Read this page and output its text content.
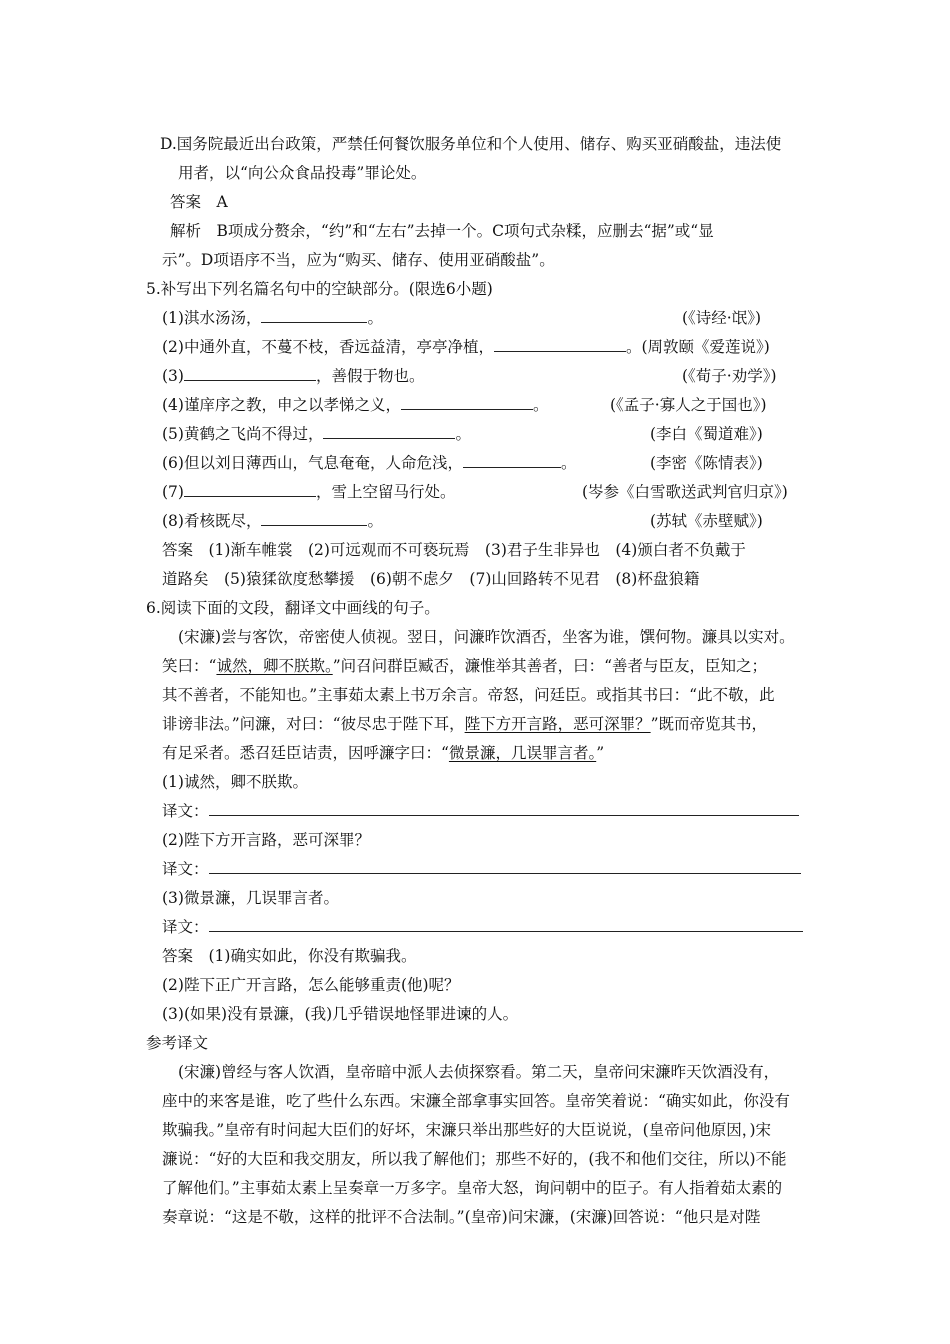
D.国务院最近出台政策，严禁任何餐饮服务单位和个人使用、储存、购买亚硝酸盐，违法使
用者，以“向公众食品投毒”罪论处。
答案　A
解析　B项成分赘余，“约”和“左右”去掉一个。C项句式杂糅，应删去“据”或“显
示”。D项语序不当，应为“购买、储存、使用亚硝酸盐”。
5.补写出下列名篇名句中的空缺部分。(限选6小题)
(1)淇水汤汤，	。	(《诗经·氓》)
(2)中通外直，不蔓不枝，香远益清，亭亭净植，	。(周敦颐《爱莲说》)
(3)	，善假于物也。	(《荀子·劝学》)
(4)谨庠序之教，申之以孝悌之义，	。	(《孟子·寡人之于国也》)
(5)黄鹤之飞尚不得过，	。	(李白《蜀道难》)
(6)但以刘日薄西山，气息奄奄，人命危浅，	。	(李密《陈情表》)
(7)	，雪上空留马行处。	(岑参《白雪歌送武判官归京》)
(8)肴核既尽，	。	(苏轼《赤壁赋》)
答案　(1)渐车帷裳　(2)可远观而不可亵玩焉　(3)君子生非异也　(4)颁白者不负戴于
道路矣　(5)猿猱欲度愁攀援　(6)朝不虑夕　(7)山回路转不见君　(8)杯盘狼籍
6.阅读下面的文段，翻译文中画线的句子。
(宋濂)尝与客饮，帝密使人侦视。翌日，问濂昨饮酒否，坐客为谁，馔何物。濂具以实对。
笑曰：“诚然，卿不朕欺。”问召问群臣臧否，濂惟举其善者，曰：“善者与臣友，臣知之；
其不善者，不能知也。”主事茹太素上书万余言。帝怒，问廷臣。或指其书曰：“此不敬，此
诽谤非法。”问濂，对曰：“彼尽忠于陛下耳，陛下方开言路，恶可深罪？”既而帝览其书，
有足采者。悉召廷臣诘责，因呼濂字曰：“微景濂，几误罪言者。”
(1)诚然，卿不朕欺。
译文：
(2)陛下方开言路，恶可深罪？
译文：
(3)微景濂，几误罪言者。
译文：
答案　(1)确实如此，你没有欺骗我。
(2)陛下正广开言路，怎么能够重责(他)呢？
(3)(如果)没有景濂，(我)几乎错误地怪罪进谏的人。
参考译文
(宋濂)曾经与客人饮酒，皇帝暗中派人去侦探察看。第二天，皇帝问宋濂昨天饮酒没有，
座中的来客是谁，吃了些什么东西。宋濂全部拿事实回答。皇帝笑着说：“确实如此，你没有
欺骗我。”皇帝有时问起大臣们的好坏，宋濂只举出那些好的大臣说说，(皇帝问他原因，)宋
濂说：“好的大臣和我交朋友，所以我了解他们；那些不好的，(我不和他们交往，所以)不能
了解他们。”主事茹太素上呈奏章一万多字。皇帝大怒，询问朝中的臣子。有人指着茹太素的
奏章说：“这是不敬，这样的批评不合法制。”(皇帝)问宋濂，(宋濂)回答说：“他只是对陛
